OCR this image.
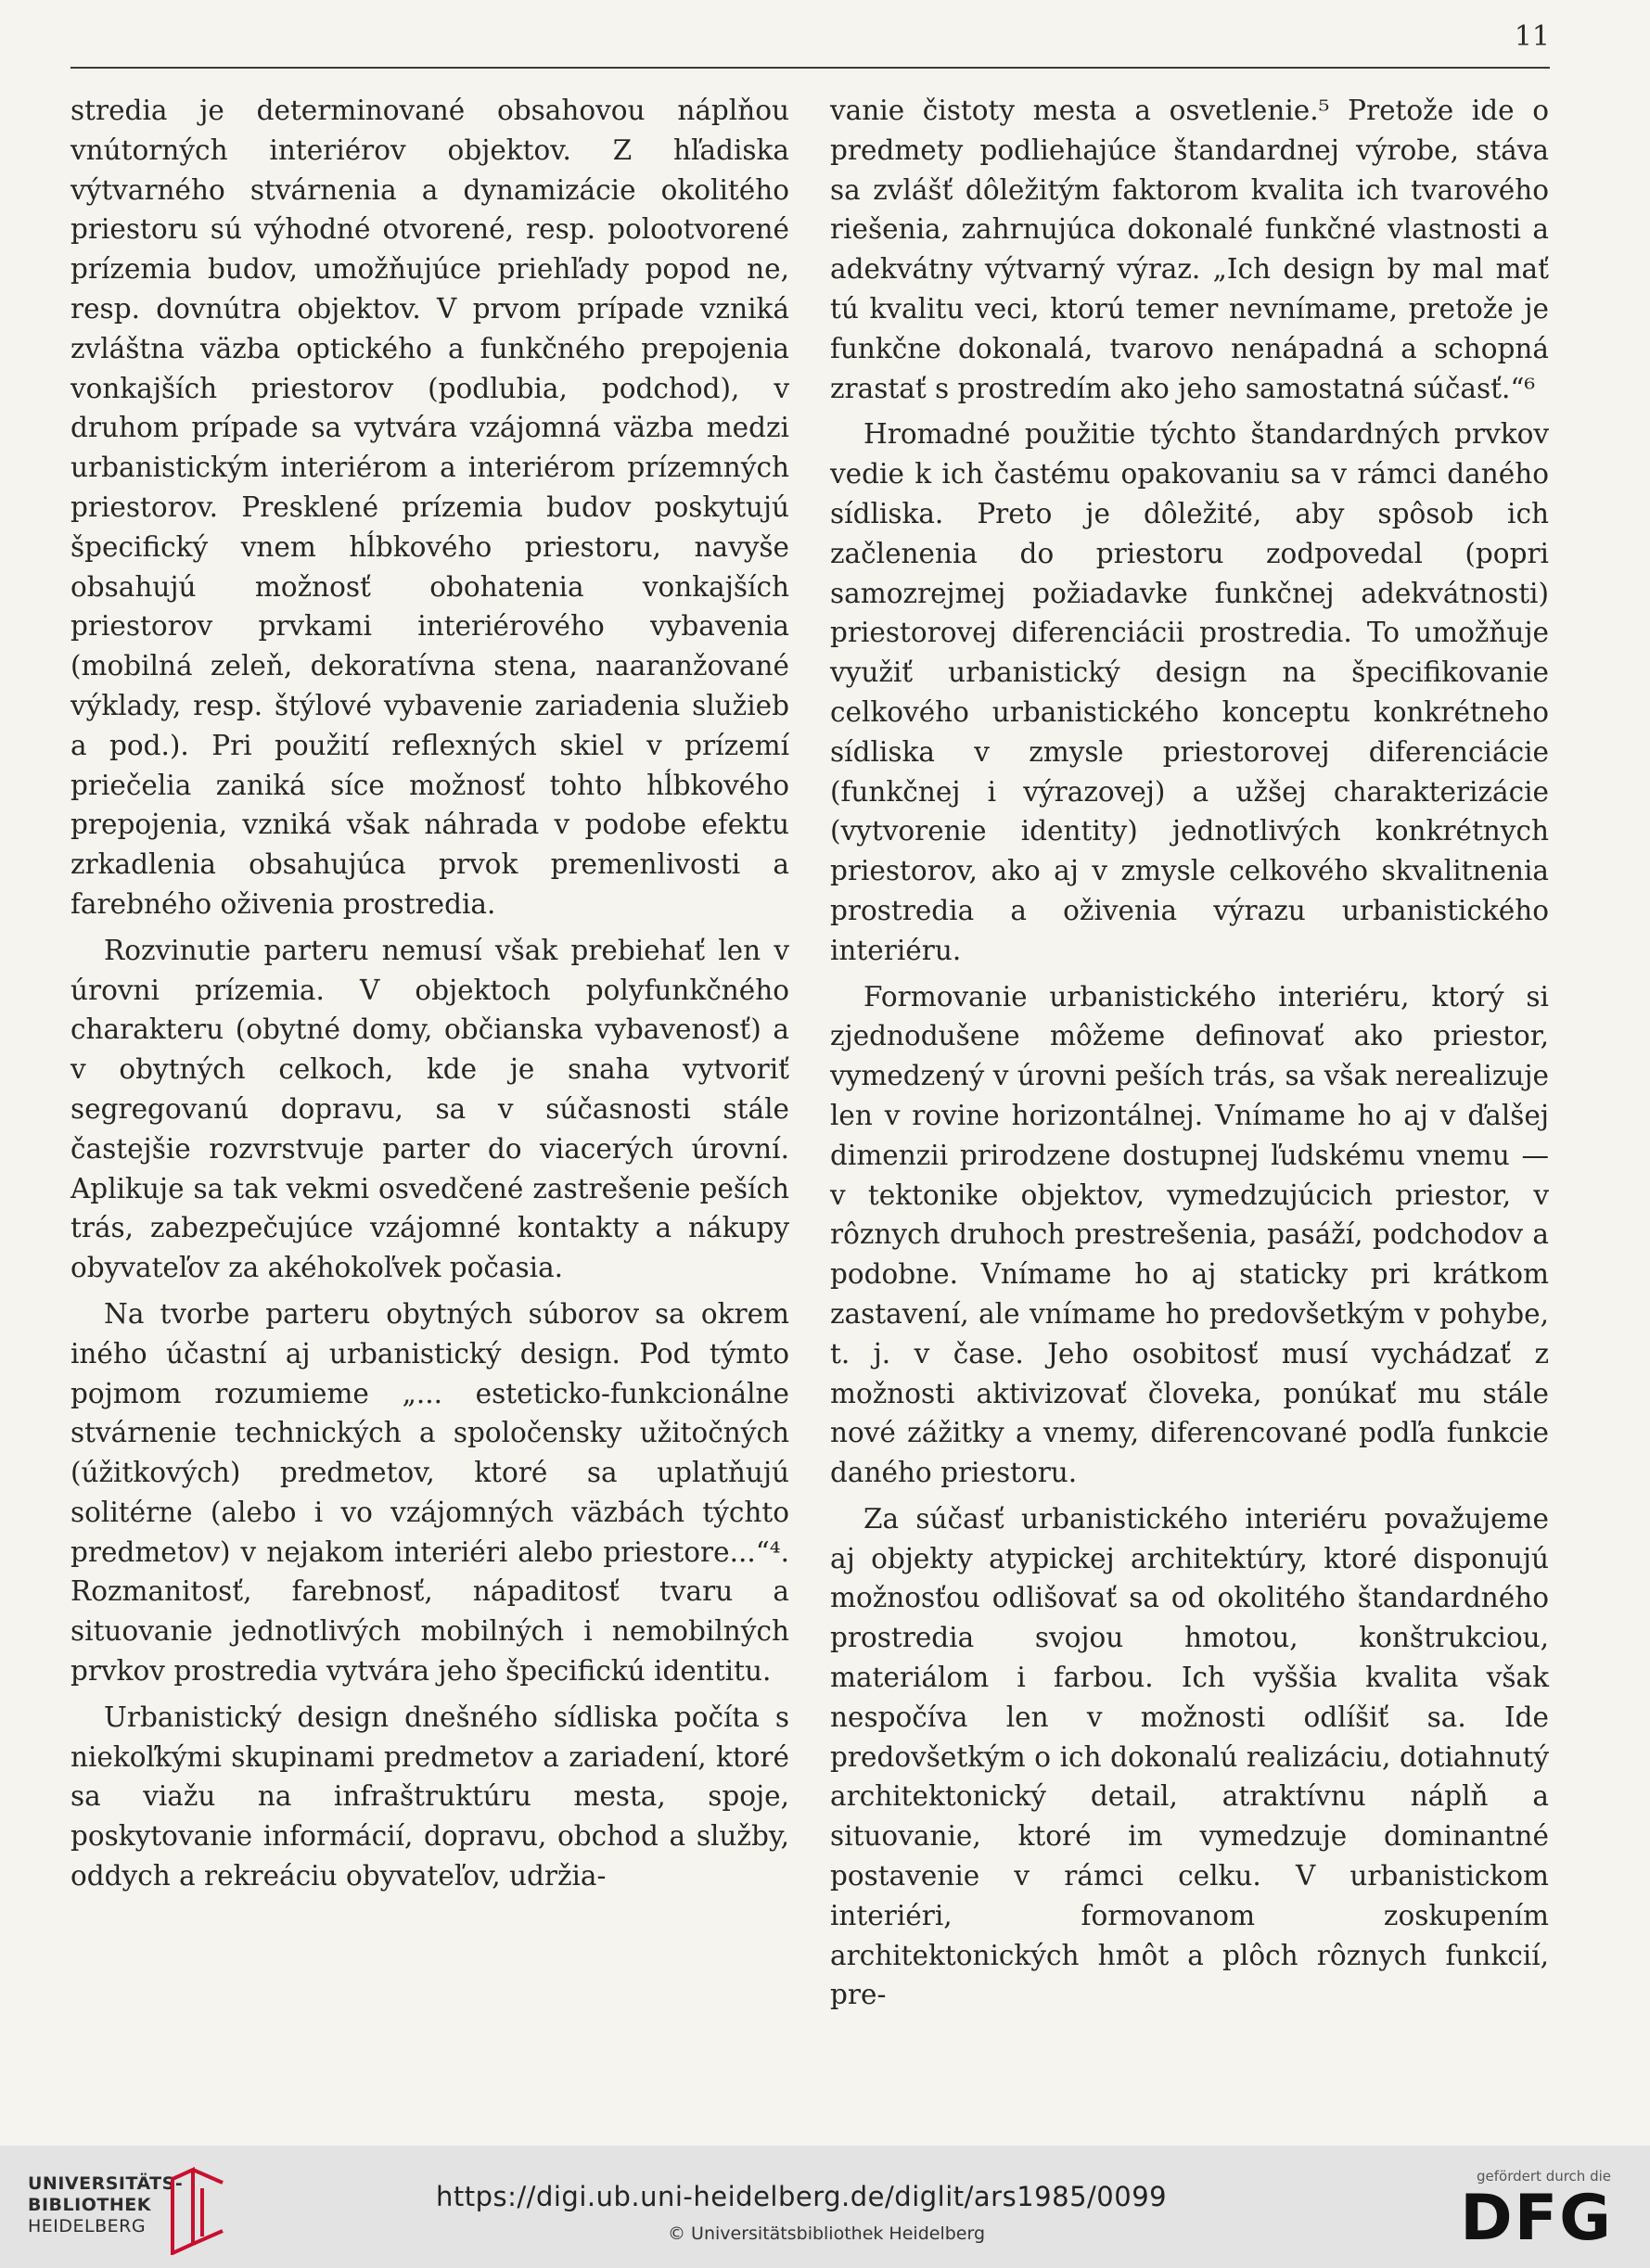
11

stredia je determinované obsahovou náplňou vnútorných interiérov objektov. Z hľadiska výtvarného stvárnenia a dynamizácie okolitého priestoru sú výhodné otvorené, resp. polootvorené prízemia budov, umožňujúce priehľady popod ne, resp. dovnútra objektov. V prvom prípade vzniká zvláštna väzba optického a funkčného prepojenia vonkajších priestorov (podlubia, podchod), v druhom prípade sa vytvára vzájomná väzba medzi urbanistickým interiérom a interiérom prízemných priestorov. Presklené prízemia budov poskytujú špecifický vnem hĺbkového priestoru, navyše obsahujú možnosť obohatenia vonkajších priestorov prvkami interiérového vybavenia (mobilná zeleň, dekoratívna stena, naaranžované výklady, resp. štýlové vybavenie zariadenia služieb a pod.). Pri použití reflexných skiel v prízemí priečelia zaniká síce možnosť tohto hĺbkového prepojenia, vzniká však náhrada v podobe efektu zrkadlenia obsahujúca prvok premenlivosti a farebného oživenia prostredia.

Rozvinutie parteru nemusí však prebiehať len v úrovni prízemia. V objektoch polyfunkčného charakteru (obytné domy, občianska vybavenosť) a v obytných celkoch, kde je snaha vytvoriť segregovanú dopravu, sa v súčasnosti stále častejšie rozvrstvuje parter do viacerých úrovní. Aplikuje sa tak vekmi osvedčené zastrešenie peších trás, zabezpečujúce vzájomné kontakty a nákupy obyvateľov za akéhokoľvek počasia.

Na tvorbe parteru obytných súborov sa okrem iného účastní aj urbanistický design. Pod týmto pojmom rozumieme „... esteticko-funkcionálne stvárnenie technických a spoločensky užitočných (úžitkových) predmetov, ktoré sa uplatňujú solitérne (alebo i vo vzájomných väzbách týchto predmetov) v nejakom interiéri alebo priestore...“⁴. Rozmanitosť, farebnosť, nápaditosť tvaru a situovanie jednotlivých mobilných i nemobilných prvkov prostredia vytvára jeho špecifickú identitu.

Urbanistický design dnešného sídliska počíta s niekoľkými skupinami predmetov a zariadení, ktoré sa viažu na infraštruktúru mesta, spoje, poskytovanie informácií, dopravu, obchod a služby, oddych a rekreáciu obyvateľov, udržia-

vanie čistoty mesta a osvetlenie.⁵ Pretože ide o predmety podliehajúce štandardnej výrobe, stáva sa zvlášť dôležitým faktorom kvalita ich tvarového riešenia, zahrnujúca dokonalé funkčné vlastnosti a adekvátny výtvarný výraz. „Ich design by mal mať tú kvalitu veci, ktorú temer nevnímame, pretože je funkčne dokonalá, tvarovo nenápadná a schopná zrastať s prostredím ako jeho samostatná súčasť.“⁶

Hromadné použitie týchto štandardných prvkov vedie k ich častému opakovaniu sa v rámci daného sídliska. Preto je dôležité, aby spôsob ich začlenenia do priestoru zodpovedal (popri samozrejmej požiadavke funkčnej adekvátnosti) priestorovej diferenciácii prostredia. To umožňuje využiť urbanistický design na špecifikovanie celkového urbanistického konceptu konkrétneho sídliska v zmysle priestorovej diferenciácie (funkčnej i výrazovej) a užšej charakterizácie (vytvorenie identity) jednotlivých konkrétnych priestorov, ako aj v zmysle celkového skvalitnenia prostredia a oživenia výrazu urbanistického interiéru.

Formovanie urbanistického interiéru, ktorý si zjednodušene môžeme definovať ako priestor, vymedzený v úrovni peších trás, sa však nerealizuje len v rovine horizontálnej. Vnímame ho aj v ďalšej dimenzii prirodzene dostupnej ľudskému vnemu — v tektonike objektov, vymedzujúcich priestor, v rôznych druhoch prestrešenia, pasáží, podchodov a podobne. Vnímame ho aj staticky pri krátkom zastavení, ale vnímame ho predovšetkým v pohybe, t. j. v čase. Jeho osobitosť musí vychádzať z možnosti aktivizovať človeka, ponúkať mu stále nové zážitky a vnemy, diferencované podľa funkcie daného priestoru.

Za súčasť urbanistického interiéru považujeme aj objekty atypickej architektúry, ktoré disponujú možnosťou odlišovať sa od okolitého štandardného prostredia svojou hmotou, konštrukciou, materiálom i farbou. Ich vyššia kvalita však nespočíva len v možnosti odlíšiť sa. Ide predovšetkým o ich dokonalú realizáciu, dotiahnutý architektonický detail, atraktívnu náplň a situovanie, ktoré im vymedzuje dominantné postavenie v rámci celku. V urbanistickom interiéri, formovanom zoskupením architektonických hmôt a plôch rôznych funkcií, pre-

UNIVERSITÄTS-
BIBLIOTHEK
HEIDELBERG
https://digi.ub.uni-heidelberg.de/diglit/ars1985/0099
© Universitätsbibliothek Heidelberg
gefördert durch die
DFG
